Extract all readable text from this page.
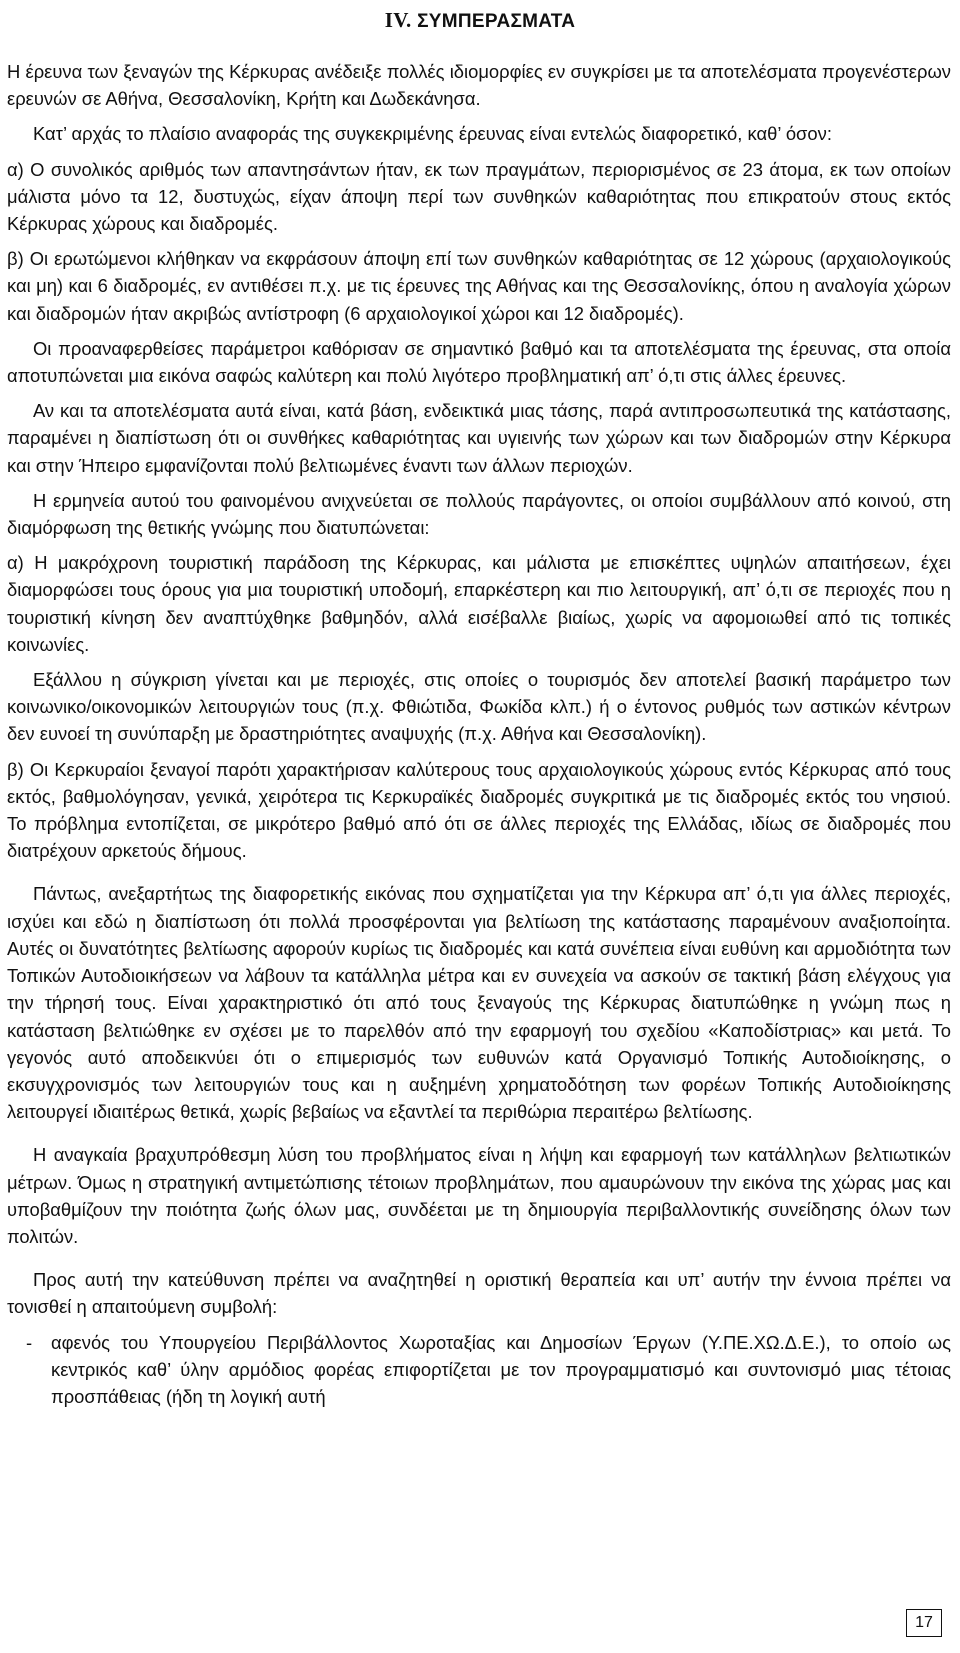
IV. ΣΥΜΠΕΡΑΣΜΑΤΑ

Η έρευνα των ξεναγών της Κέρκυρας ανέδειξε πολλές ιδιομορφίες εν συγκρίσει με τα αποτελέσματα προγενέστερων ερευνών σε Αθήνα, Θεσσαλονίκη, Κρήτη και Δωδεκάνησα.

Κατ’ αρχάς το πλαίσιο αναφοράς της συγκεκριμένης έρευνας είναι εντελώς διαφορετικό, καθ’ όσον:

α) Ο συνολικός αριθμός των απαντησάντων ήταν, εκ των πραγμάτων, περιορισμένος σε 23 άτομα, εκ των οποίων μάλιστα μόνο τα 12, δυστυχώς, είχαν άποψη περί των συνθηκών καθαριότητας που επικρατούν στους εκτός Κέρκυρας χώρους και διαδρομές.

β) Οι ερωτώμενοι κλήθηκαν να εκφράσουν άποψη επί των συνθηκών καθαριότητας σε 12 χώρους (αρχαιολογικούς και μη) και 6 διαδρομές, εν αντιθέσει π.χ. με τις έρευνες της Αθήνας και της Θεσσαλονίκης, όπου η αναλογία χώρων και διαδρομών ήταν ακριβώς αντίστροφη (6 αρχαιολογικοί χώροι και 12 διαδρομές).

Οι προαναφερθείσες παράμετροι καθόρισαν σε σημαντικό βαθμό και τα αποτελέσματα της έρευνας, στα οποία αποτυπώνεται μια εικόνα σαφώς καλύτερη και πολύ λιγότερο προβληματική απ’ ό,τι στις άλλες έρευνες.

Αν και τα αποτελέσματα αυτά είναι, κατά βάση, ενδεικτικά μιας τάσης, παρά αντιπροσωπευτικά της κατάστασης, παραμένει η διαπίστωση ότι οι συνθήκες καθαριότητας και υγιεινής των χώρων και των διαδρομών στην Κέρκυρα και στην Ήπειρο εμφανίζονται πολύ βελτιωμένες έναντι των άλλων περιοχών.

Η ερμηνεία αυτού του φαινομένου ανιχνεύεται σε πολλούς παράγοντες, οι οποίοι συμβάλλουν από κοινού, στη διαμόρφωση της θετικής γνώμης που διατυπώνεται:

α) Η μακρόχρονη τουριστική παράδοση της Κέρκυρας, και μάλιστα με επισκέπτες υψηλών απαιτήσεων, έχει διαμορφώσει τους όρους για μια τουριστική υποδομή, επαρκέστερη και πιο λειτουργική, απ’ ό,τι σε περιοχές που η τουριστική κίνηση δεν αναπτύχθηκε βαθμηδόν, αλλά εισέβαλλε βιαίως, χωρίς να αφομοιωθεί από τις τοπικές κοινωνίες.

Εξάλλου η σύγκριση γίνεται και με περιοχές, στις οποίες ο τουρισμός δεν αποτελεί βασική παράμετρο των κοινωνικο/οικονομικών λειτουργιών τους (π.χ. Φθιώτιδα, Φωκίδα κλπ.) ή ο έντονος ρυθμός των αστικών κέντρων δεν ευνοεί τη συνύπαρξη με δραστηριότητες αναψυχής (π.χ. Αθήνα και Θεσσαλονίκη).

β) Οι Κερκυραίοι ξεναγοί παρότι χαρακτήρισαν καλύτερους τους αρχαιολογικούς χώρους εντός Κέρκυρας από τους εκτός, βαθμολόγησαν, γενικά, χειρότερα τις Κερκυραϊκές διαδρομές συγκριτικά με τις διαδρομές εκτός του νησιού. Το πρόβλημα εντοπίζεται, σε μικρότερο βαθμό από ότι σε άλλες περιοχές της Ελλάδας, ιδίως σε διαδρομές που διατρέχουν αρκετούς δήμους.

Πάντως, ανεξαρτήτως της διαφορετικής εικόνας που σχηματίζεται για την Κέρκυρα απ’ ό,τι για άλλες περιοχές, ισχύει και εδώ η διαπίστωση ότι πολλά προσφέρονται για βελτίωση της κατάστασης παραμένουν αναξιοποίητα. Αυτές οι δυνατότητες βελτίωσης αφορούν κυρίως τις διαδρομές και κατά συνέπεια είναι ευθύνη και αρμοδιότητα των Τοπικών Αυτοδιοικήσεων να λάβουν τα κατάλληλα μέτρα και εν συνεχεία να ασκούν σε τακτική βάση ελέγχους για την τήρησή τους. Είναι χαρακτηριστικό ότι από τους ξεναγούς της Κέρκυρας διατυπώθηκε η γνώμη πως η κατάσταση βελτιώθηκε εν σχέσει με το παρελθόν από την εφαρμογή του σχεδίου «Καποδίστριας» και μετά. Το γεγονός αυτό αποδεικνύει ότι ο επιμερισμός των ευθυνών κατά Οργανισμό Τοπικής Αυτοδιοίκησης, ο εκσυγχρονισμός των λειτουργιών τους και η αυξημένη χρηματοδότηση των φορέων Τοπικής Αυτοδιοίκησης λειτουργεί ιδιαιτέρως θετικά, χωρίς βεβαίως να εξαντλεί τα περιθώρια περαιτέρω βελτίωσης.

Η αναγκαία βραχυπρόθεσμη λύση του προβλήματος είναι η λήψη και εφαρμογή των κατάλληλων βελτιωτικών μέτρων. Όμως η στρατηγική αντιμετώπισης τέτοιων προβλημάτων, που αμαυρώνουν την εικόνα της χώρας μας και υποβαθμίζουν την ποιότητα ζωής όλων μας, συνδέεται με τη δημιουργία περιβαλλοντικής συνείδησης όλων των πολιτών.

Προς αυτή την κατεύθυνση πρέπει να αναζητηθεί η οριστική θεραπεία και υπ’ αυτήν την έννοια πρέπει να τονισθεί η απαιτούμενη συμβολή:

-	αφενός του Υπουργείου Περιβάλλοντος Χωροταξίας και Δημοσίων Έργων (Υ.ΠΕ.ΧΩ.Δ.Ε.), το οποίο ως κεντρικός καθ’ ύλην αρμόδιος φορέας επιφορτίζεται με τον προγραμματισμό και συντονισμό μιας τέτοιας προσπάθειας (ήδη τη λογική αυτή

17
